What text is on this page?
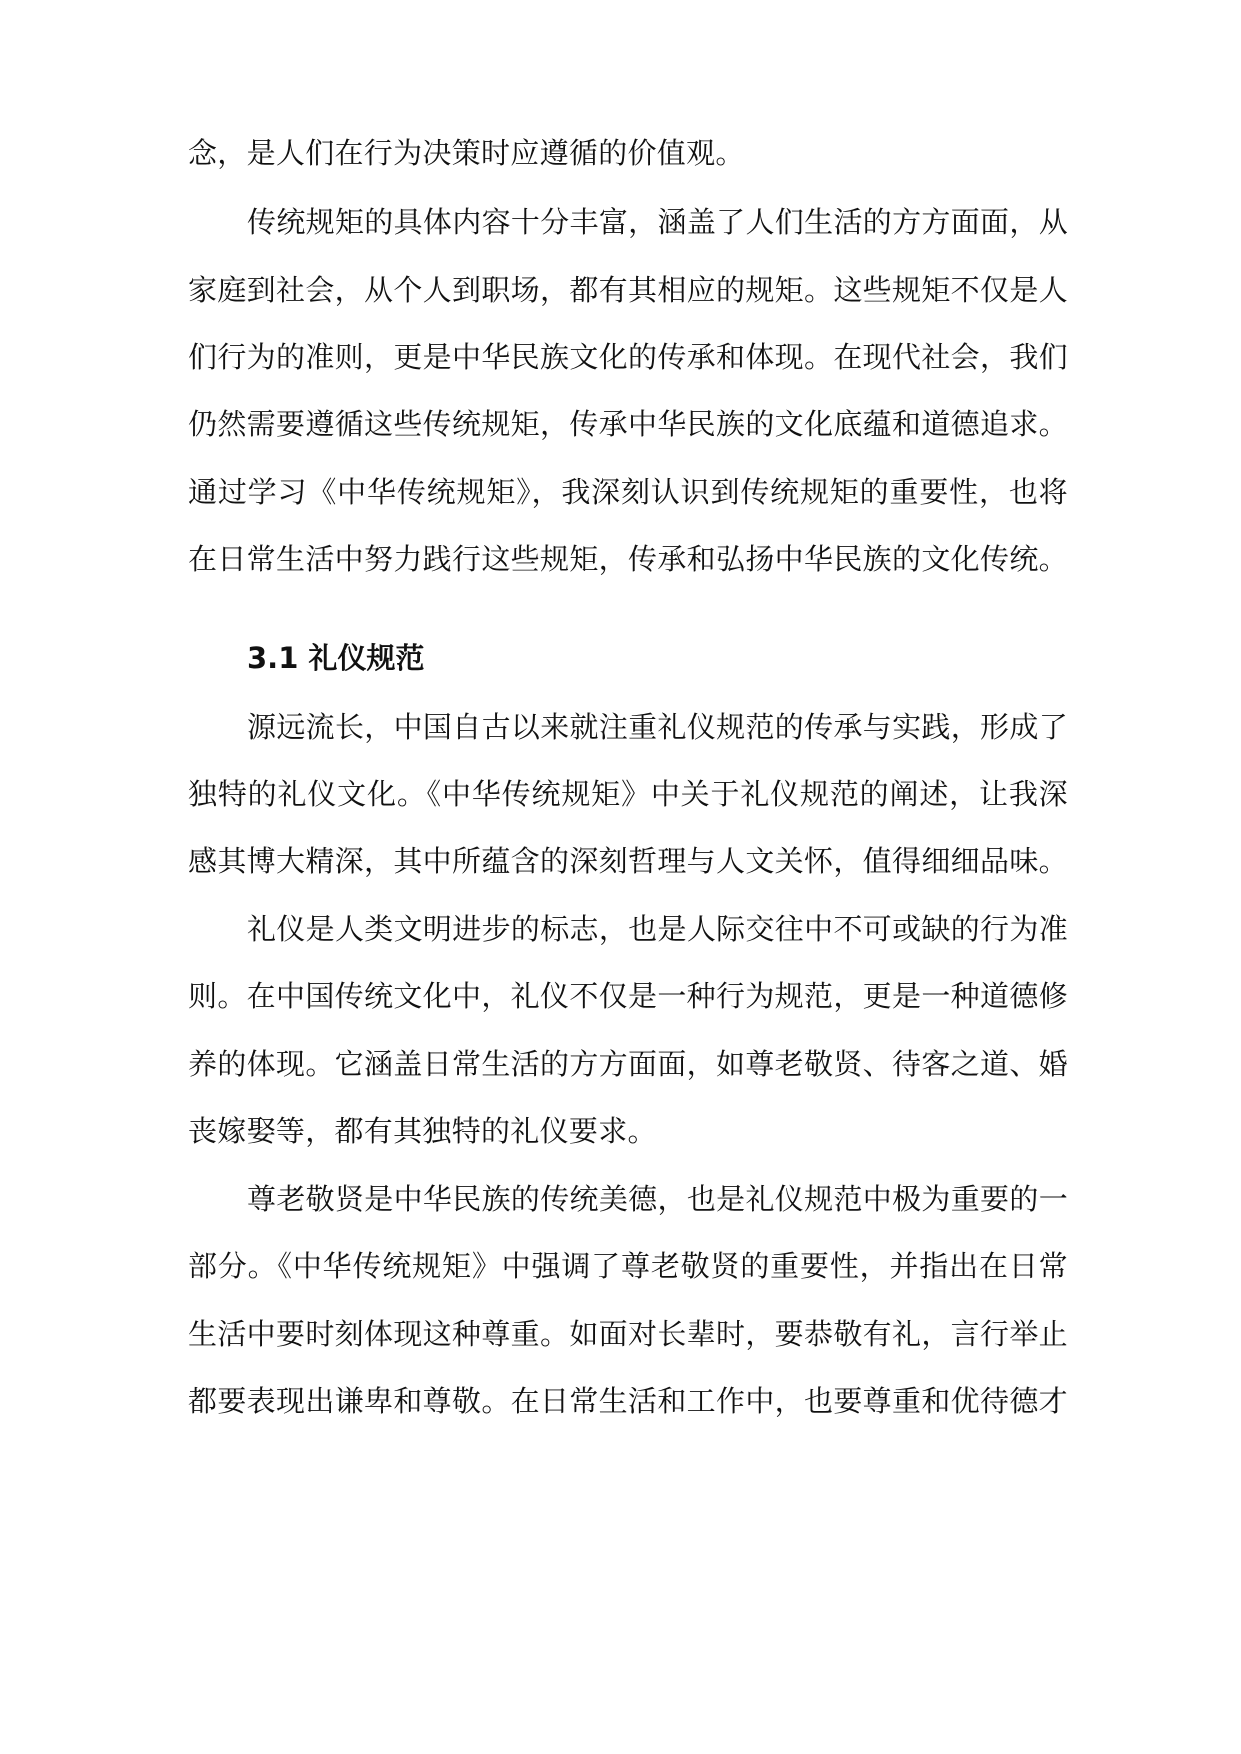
念，是人们在行为决策时应遵循的价值观。
传统规矩的具体内容十分丰富，涵盖了人们生活的方方面面，从
家庭到社会，从个人到职场，都有其相应的规矩。这些规矩不仅是人
们行为的准则，更是中华民族文化的传承和体现。在现代社会，我们
仍然需要遵循这些传统规矩，传承中华民族的文化底蕴和道德追求。
通过学习《中华传统规矩》，我深刻认识到传统规矩的重要性，也将
在日常生活中努力践行这些规矩，传承和弘扬中华民族的文化传统。
3.1 礼仪规范
源远流长，中国自古以来就注重礼仪规范的传承与实践，形成了
独特的礼仪文化。《中华传统规矩》中关于礼仪规范的阐述，让我深
感其博大精深，其中所蕴含的深刻哲理与人文关怀，值得细细品味。
礼仪是人类文明进步的标志，也是人际交往中不可或缺的行为准
则。在中国传统文化中，礼仪不仅是一种行为规范，更是一种道德修
养的体现。它涵盖日常生活的方方面面，如尊老敬贤、待客之道、婚
丧嫁娶等，都有其独特的礼仪要求。
尊老敬贤是中华民族的传统美德，也是礼仪规范中极为重要的一
部分。《中华传统规矩》中强调了尊老敬贤的重要性，并指出在日常
生活中要时刻体现这种尊重。如面对长辈时，要恭敬有礼，言行举止
都要表现出谦卑和尊敬。在日常生活和工作中，也要尊重和优待德才
